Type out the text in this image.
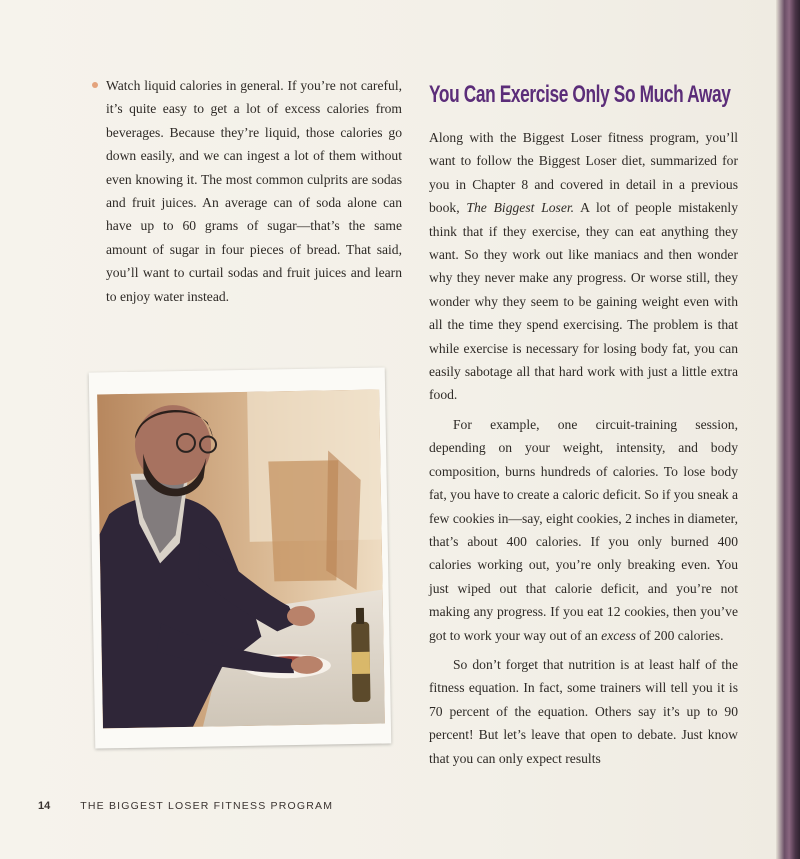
Watch liquid calories in general. If you’re not careful, it’s quite easy to get a lot of excess calories from beverages. Because they’re liquid, those calories go down easily, and we can ingest a lot of them without even knowing it. The most common culprits are sodas and fruit juices. An average can of soda alone can have up to 60 grams of sugar—that’s the same amount of sugar in four pieces of bread. That said, you’ll want to curtail sodas and fruit juices and learn to enjoy water instead.

You Can Exercise Only So Much Away

Along with the Biggest Loser fitness program, you’ll want to follow the Biggest Loser diet, summarized for you in Chapter 8 and covered in detail in a previous book, The Biggest Loser. A lot of people mistakenly think that if they exercise, they can eat anything they want. So they work out like maniacs and then wonder why they never make any progress. Or worse still, they wonder why they seem to be gaining weight even with all the time they spend exercising. The problem is that while exercise is necessary for losing body fat, you can easily sabotage all that hard work with just a little extra food.

For example, one circuit-training session, depending on your weight, intensity, and body composition, burns hundreds of calories. To lose body fat, you have to create a caloric deficit. So if you sneak a few cookies in—say, eight cookies, 2 inches in diameter, that’s about 400 calories. If you only burned 400 calories working out, you’re only breaking even. You just wiped out that calorie deficit, and you’re not making any progress. If you eat 12 cookies, then you’ve got to work your way out of an excess of 200 calories.

So don’t forget that nutrition is at least half of the fitness equation. In fact, some trainers will tell you it is 70 percent of the equation. Others say it’s up to 90 percent! But let’s leave that open to debate. Just know that you can only expect results

14	THE BIGGEST LOSER FITNESS PROGRAM
